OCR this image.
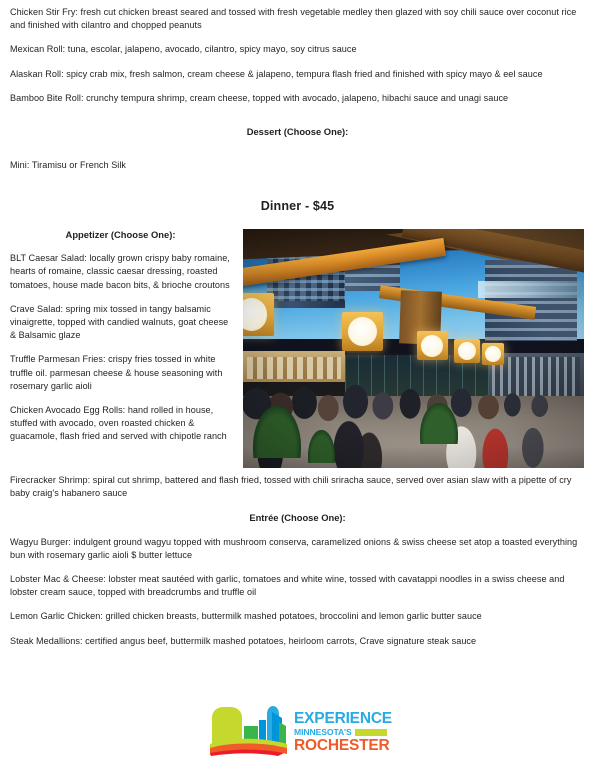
Chicken Stir Fry: fresh cut chicken breast seared and tossed with fresh vegetable medley then glazed with soy chili sauce over coconut rice and finished with cilantro and chopped peanuts

Mexican Roll: tuna, escolar, jalapeno, avocado, cilantro, spicy mayo, soy citrus sauce

Alaskan Roll: spicy crab mix, fresh salmon, cream cheese & jalapeno, tempura flash fried and finished with spicy mayo & eel sauce

Bamboo Bite Roll: crunchy tempura shrimp, cream cheese, topped with avocado, jalapeno, hibachi sauce and unagi sauce

Dessert (Choose One):

Mini: Tiramisu or French Silk

Dinner - $45
Appetizer (Choose One):

BLT Caesar Salad: locally grown crispy baby romaine, hearts of romaine, classic caesar dressing, roasted tomatoes, house made bacon bits, & brioche croutons

Crave Salad: spring mix tossed in tangy balsamic vinaigrette, topped with candied walnuts, goat cheese & Balsamic glaze

Truffle Parmesan Fries: crispy fries tossed in white truffle oil. parmesan cheese & house seasoning with rosemary garlic aioli

Chicken Avocado Egg Rolls: hand rolled in house, stuffed with avocado, oven roasted chicken & guacamole, flash fried and served with chipotle ranch

Firecracker Shrimp: spiral cut shrimp, battered and flash fried, tossed with chili sriracha sauce, served over asian slaw with a pipette of cry baby craig's habanero sauce

Entrée (Choose One):

Wagyu Burger: indulgent ground wagyu topped with mushroom conserva, caramelized onions & swiss cheese set atop a toasted everything bun with rosemary garlic aioli $ butter lettuce

Lobster Mac & Cheese: lobster meat sautéed with garlic, tomatoes and white wine, tossed with cavatappi noodles in a swiss cheese and lobster cream sauce, topped with breadcrumbs and truffle oil

Lemon Garlic Chicken: grilled chicken breasts, buttermilk mashed potatoes, broccolini and lemon garlic butter sauce

Steak Medallions: certified angus beef, buttermilk mashed potatoes, heirloom carrots, Crave signature steak sauce

EXPERIENCE
MINNESOTA'S
ROCHESTER
